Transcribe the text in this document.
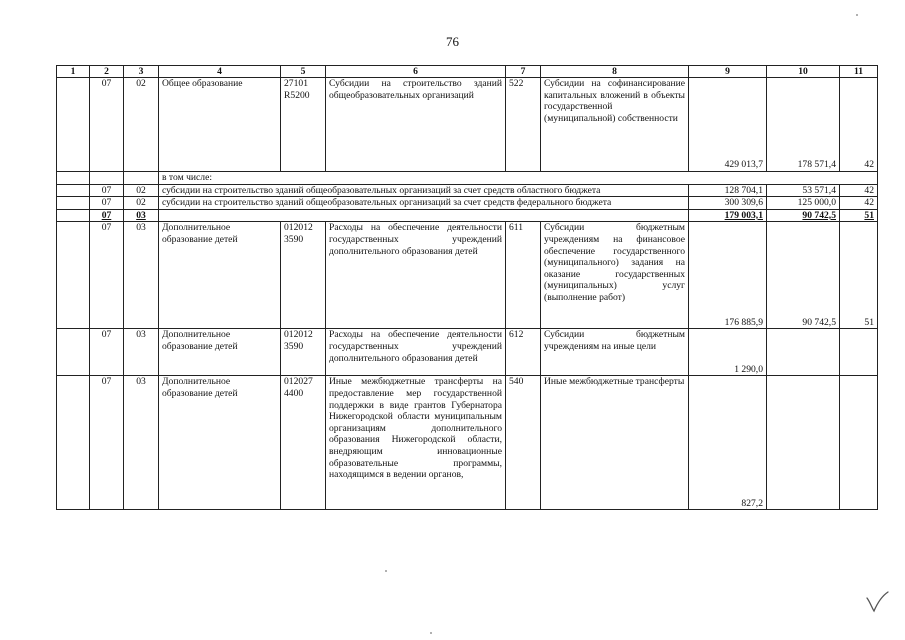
76
1	2	3	4	5	6	7	8	9	10	11
	07	02	Общее образование	27101 R5200	Субсидии на строительство зданий общеобразовательных организаций	522	Субсидии на софинансирование капитальных вложений в объекты государственной (муниципальной) собственности	429 013,7	178 571,4	42
			в том числе:							
	07	02	субсидии на строительство зданий общеобразовательных организаций за счет средств областного бюджета					128 704,1	53 571,4	42
	07	02	субсидии на строительство зданий общеобразовательных организаций за счет средств федерального бюджета					300 309,6	125 000,0	42
	07	03						179 003,1	90 742,5	51
	07	03	Дополнительное образование детей	012012 3590	Расходы на обеспечение деятельности государственных учреждений дополнительного образования детей	611	Субсидии бюджетным учреждениям на финансовое обеспечение государственного (муниципального) задания на оказание государственных (муниципальных) услуг (выполнение работ)	176 885,9	90 742,5	51
	07	03	Дополнительное образование детей	012012 3590	Расходы на обеспечение деятельности государственных учреждений дополнительного образования детей	612	Субсидии бюджетным учреждениям на иные цели	1 290,0		
	07	03	Дополнительное образование детей	012027 4400	Иные межбюджетные трансферты на предоставление мер государственной поддержки в виде грантов Губернатора Нижегородской области муниципальным организациям дополнительного образования Нижегородской области, внедряющим инновационные образовательные программы, находящимся в ведении органов,	540	Иные межбюджетные трансферты	827,2		
